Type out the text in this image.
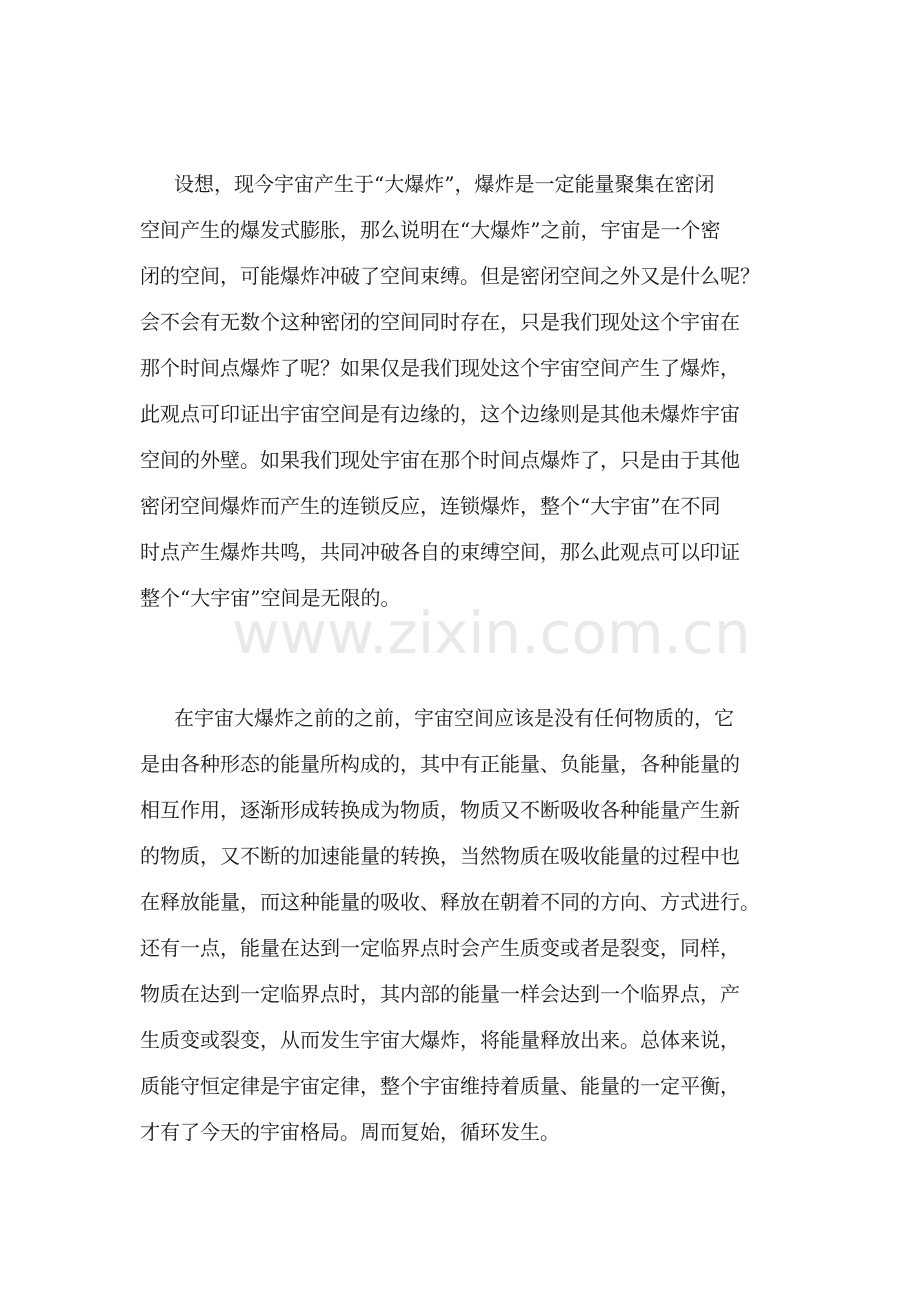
设想，现今宇宙产生于“大爆炸”，爆炸是一定能量聚集在密闭

空间产生的爆发式膨胀，那么说明在“大爆炸”之前，宇宙是一个密

闭的空间，可能爆炸冲破了空间束缚。但是密闭空间之外又是什么呢？

会不会有无数个这种密闭的空间同时存在，只是我们现处这个宇宙在

那个时间点爆炸了呢？如果仅是我们现处这个宇宙空间产生了爆炸，

此观点可印证出宇宙空间是有边缘的，这个边缘则是其他未爆炸宇宙

空间的外壁。如果我们现处宇宙在那个时间点爆炸了，只是由于其他

密闭空间爆炸而产生的连锁反应，连锁爆炸，整个“大宇宙”在不同

时点产生爆炸共鸣，共同冲破各自的束缚空间，那么此观点可以印证

整个“大宇宙”空间是无限的。

在宇宙大爆炸之前的之前，宇宙空间应该是没有任何物质的，它

是由各种形态的能量所构成的，其中有正能量、负能量，各种能量的

相互作用，逐渐形成转换成为物质，物质又不断吸收各种能量产生新

的物质，又不断的加速能量的转换，当然物质在吸收能量的过程中也

在释放能量，而这种能量的吸收、释放在朝着不同的方向、方式进行。

还有一点，能量在达到一定临界点时会产生质变或者是裂变，同样，

物质在达到一定临界点时，其内部的能量一样会达到一个临界点，产

生质变或裂变，从而发生宇宙大爆炸，将能量释放出来。总体来说，

质能守恒定律是宇宙定律，整个宇宙维持着质量、能量的一定平衡，

才有了今天的宇宙格局。周而复始，循环发生。

www.zixin.com.cn
